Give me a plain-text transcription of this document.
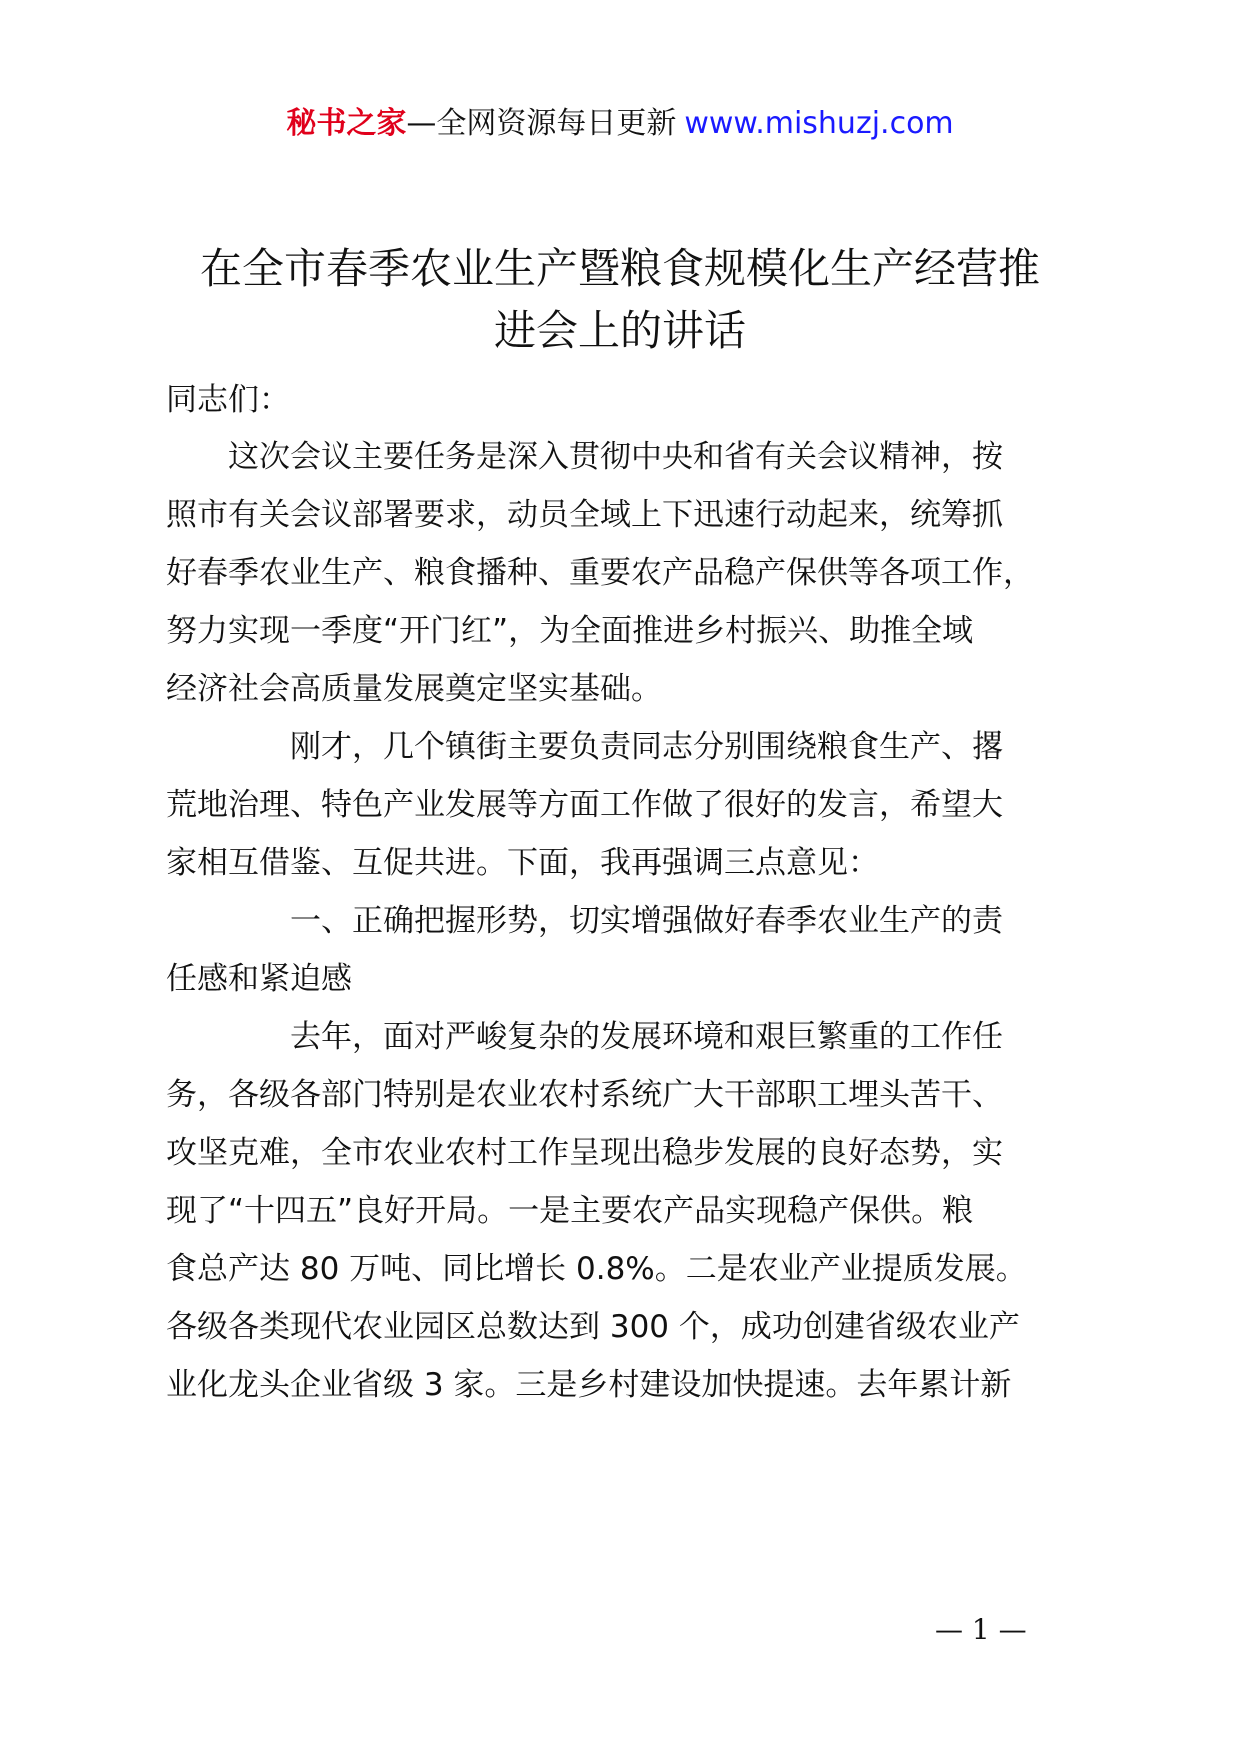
秘书之家—全网资源每日更新 www.mishuzj.com
在全市春季农业生产暨粮食规模化生产经营推
进会上的讲话
同志们：
　　这次会议主要任务是深入贯彻中央和省有关会议精神，按
照市有关会议部署要求，动员全域上下迅速行动起来，统筹抓
好春季农业生产、粮食播种、重要农产品稳产保供等各项工作，
努力实现一季度“开门红”，为全面推进乡村振兴、助推全域
经济社会高质量发展奠定坚实基础。
　　　　刚才，几个镇街主要负责同志分别围绕粮食生产、撂
荒地治理、特色产业发展等方面工作做了很好的发言，希望大
家相互借鉴、互促共进。下面，我再强调三点意见：
　　　　一、正确把握形势，切实增强做好春季农业生产的责
任感和紧迫感
　　　　去年，面对严峻复杂的发展环境和艰巨繁重的工作任
务，各级各部门特别是农业农村系统广大干部职工埋头苦干、
攻坚克难，全市农业农村工作呈现出稳步发展的良好态势，实
现了“十四五”良好开局。一是主要农产品实现稳产保供。粮
食总产达 80 万吨、同比增长 0.8%。二是农业产业提质发展。
各级各类现代农业园区总数达到 300 个，成功创建省级农业产
业化龙头企业省级 3 家。三是乡村建设加快提速。去年累计新
— 1 —
